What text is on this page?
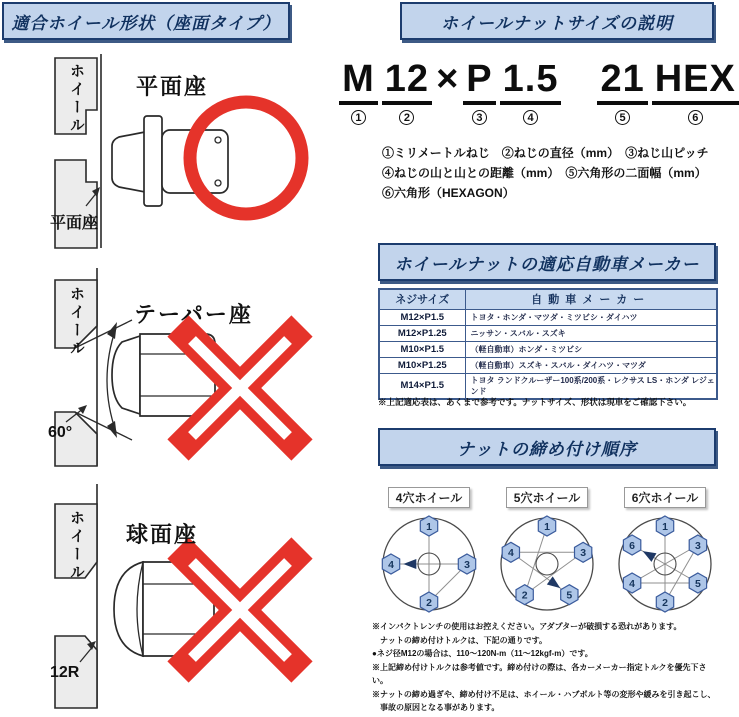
適合ホイール形状（座面タイプ）
平面座
ホイール
平面座
テーパー座
ホイール
60°
球面座
ホイール
12R
ホイールナットサイズの説明
M
1
12
2
× P
3
1.5
4
21
5
HEX
6
①ミリメートルねじ　②ねじの直径（mm）　③ねじ山ピッチ
④ねじの山と山との距離（mm）　⑤六角形の二面幅（mm）
⑥六角形（HEXAGON）
ホイールナットの適応自動車メーカー
ネジサイズ	自動車メーカー
M12×P1.5	トヨタ・ホンダ・マツダ・ミツビシ・ダイハツ
M12×P1.25	ニッサン・スバル・スズキ
M10×P1.5	（軽自動車）ホンダ・ミツビシ
M10×P1.25	（軽自動車）スズキ・スバル・ダイハツ・マツダ
M14×P1.5	トヨタ ランドクルーザー100系/200系・レクサス LS・ホンダ レジェンド
※上記適応表は、あくまで参考です。ナットサイズ、形状は現車をご確認下さい。
ナットの締め付け順序
4穴ホイール
1
3
2
4
5穴ホイール
1
3
5
2
4
6穴ホイール
1
3
5
2
4
6
※インパクトレンチの使用はお控えください。アダプターが破損する恐れがあります。
　ナットの締め付けトルクは、下記の通りです。
●ネジ径M12の場合は、110～120N-m（11～12kgf-m）です。
※上記締め付けトルクは参考値です。締め付けの際は、各カーメーカー指定トルクを優先下さい。
※ナットの締め過ぎや、締め付け不足は、ホイール・ハブボルト等の変形や緩みを引き起こし、
　事故の原因となる事があります。
